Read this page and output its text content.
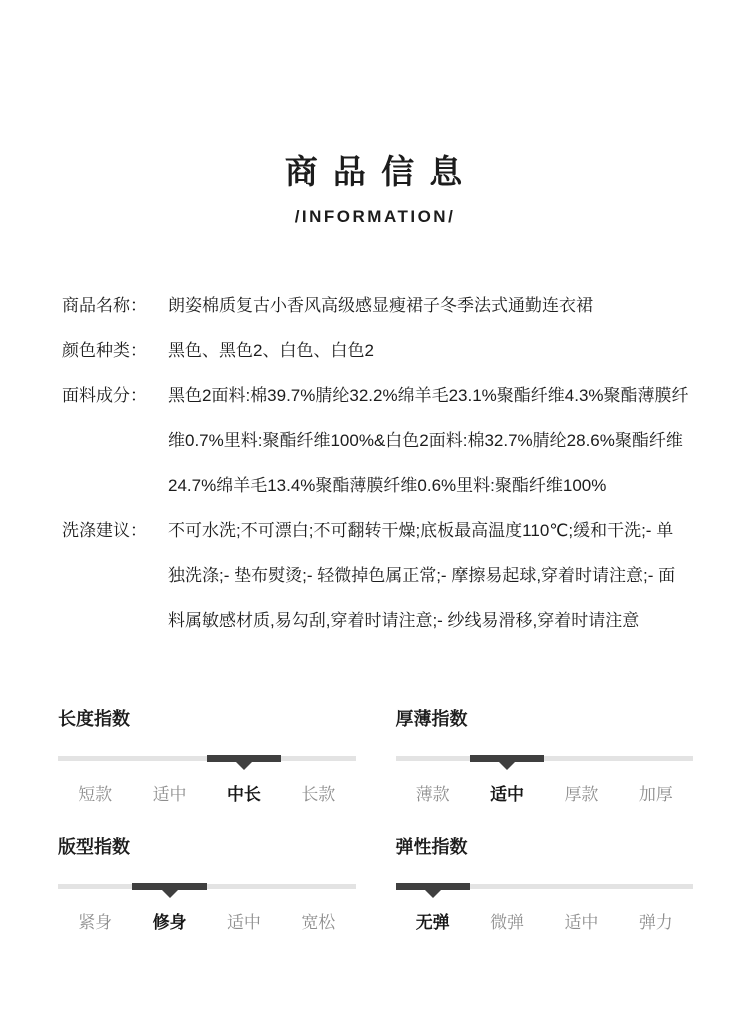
商 品 信 息
/INFORMATION/
商品名称：	朗姿棉质复古小香风高级感显瘦裙子冬季法式通勤连衣裙
颜色种类：	黑色、黑色2、白色、白色2
面料成分：	黑色2面料:棉39.7%腈纶32.2%绵羊毛23.1%聚酯纤维4.3%聚酯薄膜纤维0.7%里料:聚酯纤维100%&白色2面料:棉32.7%腈纶28.6%聚酯纤维24.7%绵羊毛13.4%聚酯薄膜纤维0.6%里料:聚酯纤维100%
洗涤建议：	不可水洗;不可漂白;不可翻转干燥;底板最高温度110℃;缓和干洗;- 单独洗涤;- 垫布熨烫;- 轻微掉色属正常;- 摩擦易起球,穿着时请注意;- 面料属敏感材质,易勾刮,穿着时请注意;- 纱线易滑移,穿着时请注意
长度指数
短款	适中	中长	长款
厚薄指数
薄款	适中	厚款	加厚
版型指数
紧身	修身	适中	宽松
弹性指数
无弹	微弹	适中	弹力
